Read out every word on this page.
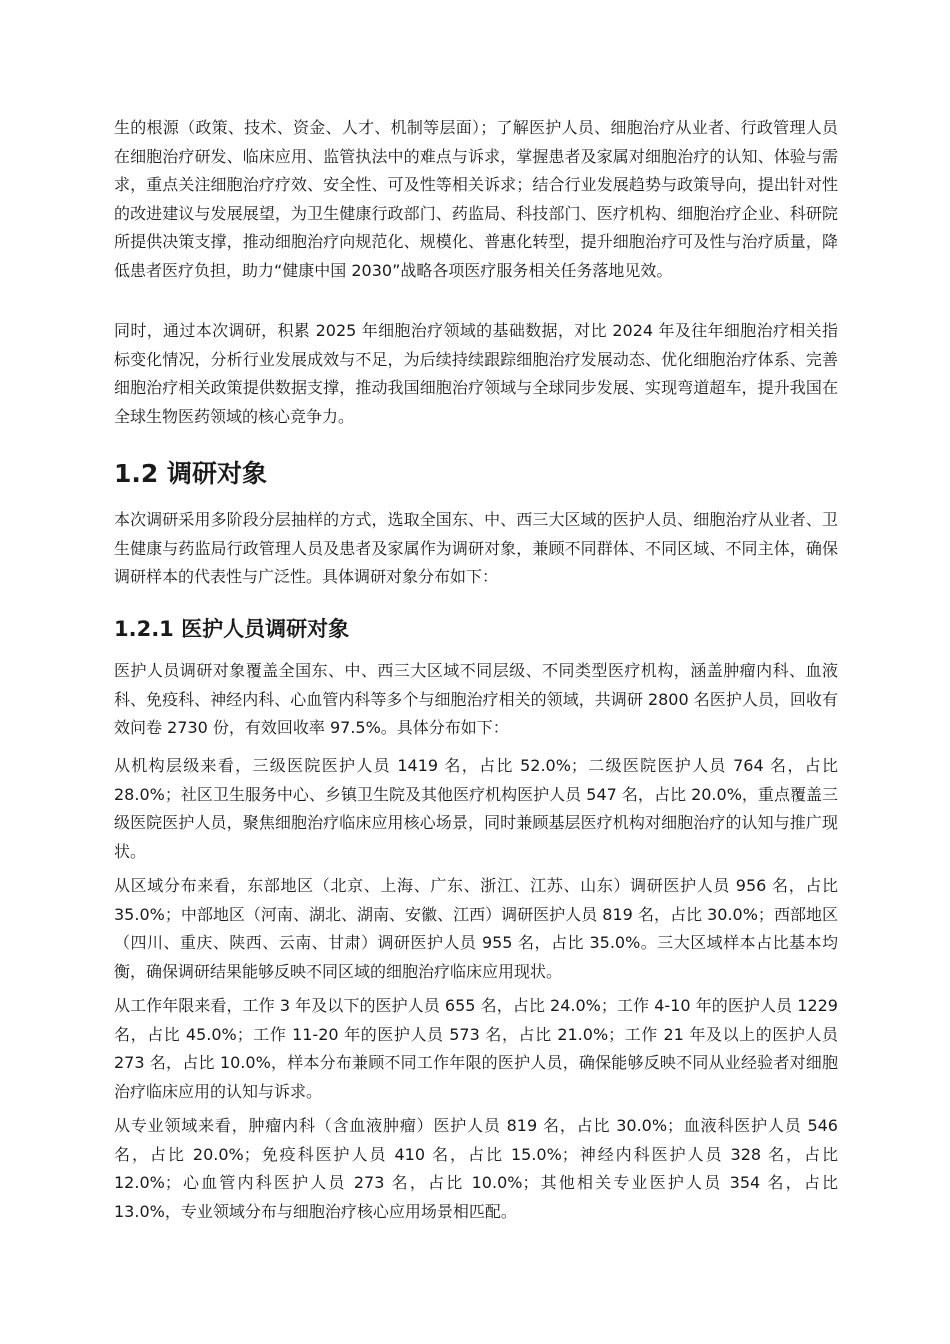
生的根源（政策、技术、资金、人才、机制等层面）；了解医护人员、细胞治疗从业者、行政管理人员在细胞治疗研发、临床应用、监管执法中的难点与诉求，掌握患者及家属对细胞治疗的认知、体验与需求，重点关注细胞治疗疗效、安全性、可及性等相关诉求；结合行业发展趋势与政策导向，提出针对性的改进建议与发展展望，为卫生健康行政部门、药监局、科技部门、医疗机构、细胞治疗企业、科研院所提供决策支撑，推动细胞治疗向规范化、规模化、普惠化转型，提升细胞治疗可及性与治疗质量，降低患者医疗负担，助力“健康中国 2030”战略各项医疗服务相关任务落地见效。

同时，通过本次调研，积累 2025 年细胞治疗领域的基础数据，对比 2024 年及往年细胞治疗相关指标变化情况，分析行业发展成效与不足，为后续持续跟踪细胞治疗发展动态、优化细胞治疗体系、完善细胞治疗相关政策提供数据支撑，推动我国细胞治疗领域与全球同步发展、实现弯道超车，提升我国在全球生物医药领域的核心竞争力。

1.2 调研对象

本次调研采用多阶段分层抽样的方式，选取全国东、中、西三大区域的医护人员、细胞治疗从业者、卫生健康与药监局行政管理人员及患者及家属作为调研对象，兼顾不同群体、不同区域、不同主体，确保调研样本的代表性与广泛性。具体调研对象分布如下：

1.2.1 医护人员调研对象

医护人员调研对象覆盖全国东、中、西三大区域不同层级、不同类型医疗机构，涵盖肿瘤内科、血液科、免疫科、神经内科、心血管内科等多个与细胞治疗相关的领域，共调研 2800 名医护人员，回收有效问卷 2730 份，有效回收率 97.5%。具体分布如下：

从机构层级来看，三级医院医护人员 1419 名，占比 52.0%；二级医院医护人员 764 名，占比 28.0%；社区卫生服务中心、乡镇卫生院及其他医疗机构医护人员 547 名，占比 20.0%，重点覆盖三级医院医护人员，聚焦细胞治疗临床应用核心场景，同时兼顾基层医疗机构对细胞治疗的认知与推广现状。

从区域分布来看，东部地区（北京、上海、广东、浙江、江苏、山东）调研医护人员 956 名，占比 35.0%；中部地区（河南、湖北、湖南、安徽、江西）调研医护人员 819 名，占比 30.0%；西部地区（四川、重庆、陕西、云南、甘肃）调研医护人员 955 名，占比 35.0%。三大区域样本占比基本均衡，确保调研结果能够反映不同区域的细胞治疗临床应用现状。

从工作年限来看，工作 3 年及以下的医护人员 655 名，占比 24.0%；工作 4-10 年的医护人员 1229 名，占比 45.0%；工作 11-20 年的医护人员 573 名，占比 21.0%；工作 21 年及以上的医护人员 273 名，占比 10.0%，样本分布兼顾不同工作年限的医护人员，确保能够反映不同从业经验者对细胞治疗临床应用的认知与诉求。

从专业领域来看，肿瘤内科（含血液肿瘤）医护人员 819 名，占比 30.0%；血液科医护人员 546 名，占比 20.0%；免疫科医护人员 410 名，占比 15.0%；神经内科医护人员 328 名，占比 12.0%；心血管内科医护人员 273 名，占比 10.0%；其他相关专业医护人员 354 名，占比 13.0%，专业领域分布与细胞治疗核心应用场景相匹配。
